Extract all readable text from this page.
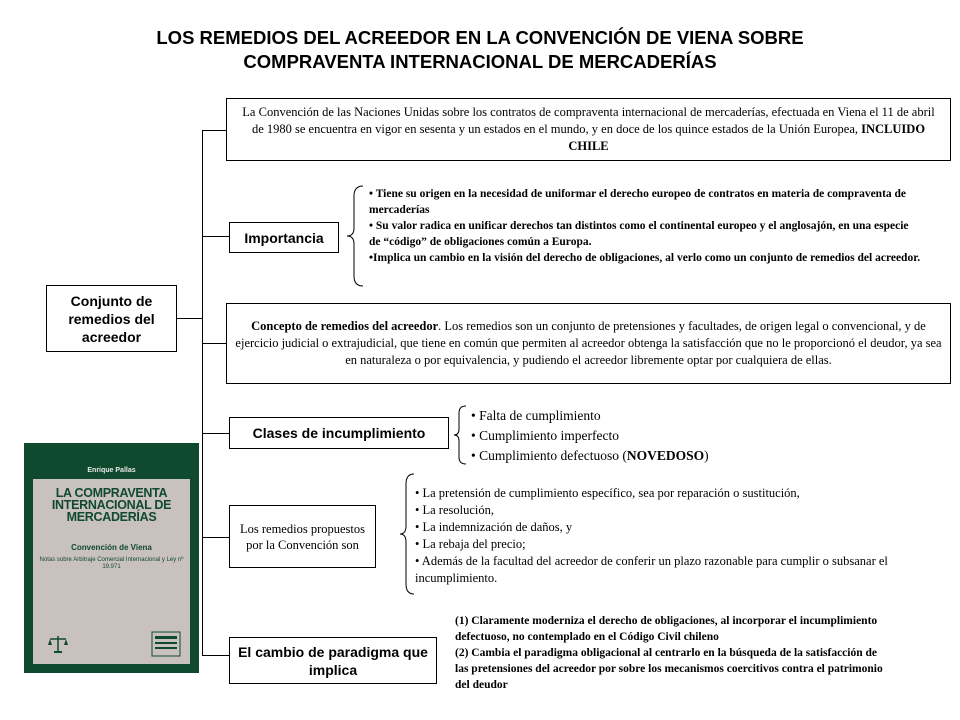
LOS REMEDIOS DEL ACREEDOR EN LA CONVENCIÓN DE VIENA SOBRE
COMPRAVENTA INTERNACIONAL DE MERCADERÍAS
Conjunto de remedios del acreedor
La Convención de las Naciones Unidas sobre los contratos de compraventa internacional de mercaderías, efectuada en Viena el 11 de abril de 1980 se encuentra en vigor en sesenta y un estados en el mundo, y en doce de los quince estados de la Unión Europea, INCLUIDO CHILE
Importancia
• Tiene su origen en la necesidad de uniformar el derecho europeo de contratos en materia de compraventa de mercaderías
• Su valor radica en unificar derechos tan distintos como el continental europeo y el anglosajón, en una especie de “código” de obligaciones común a Europa.
•Implica un cambio en la visión del derecho de obligaciones, al verlo como un conjunto de remedios del acreedor.
Concepto de remedios del acreedor. Los remedios son un conjunto de pretensiones y facultades, de origen legal o convencional, y de ejercicio judicial o extrajudicial, que tiene en común que permiten al acreedor obtenga la satisfacción que no le proporcionó el deudor, ya sea en naturaleza o por equivalencia, y pudiendo el acreedor libremente optar por cualquiera de ellas.
Clases de incumplimiento
• Falta de cumplimiento
• Cumplimiento imperfecto
• Cumplimiento defectuoso (NOVEDOSO)
Los remedios propuestos por la Convención son
• La pretensión de cumplimiento específico, sea por reparación o sustitución,
• La resolución,
• La indemnización de daños, y
• La rebaja del precio;
• Además de la facultad del acreedor de conferir un plazo razonable para cumplir o subsanar el incumplimiento.
El cambio de paradigma que implica
(1) Claramente moderniza el derecho de obligaciones, al incorporar el incumplimiento defectuoso, no contemplado en el Código Civil chileno
(2) Cambia el paradigma obligacional al centrarlo en la búsqueda de la satisfacción de las pretensiones del acreedor por sobre los mecanismos coercitivos contra el patrimonio del deudor
Enrique Pallas
LA COMPRAVENTA INTERNACIONAL DE MERCADERÍAS
Convención de Viena
Notas sobre Arbitraje Comercial Internacional y Ley nº 19.971
